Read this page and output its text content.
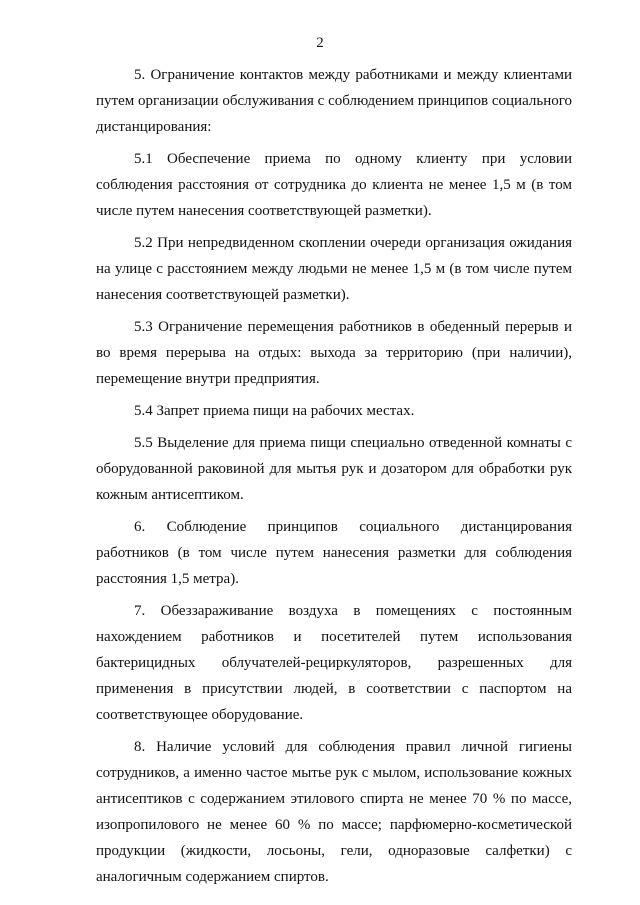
2

5. Ограничение контактов между работниками и между клиентами путем организации обслуживания с соблюдением принципов социального дистанцирования:

5.1 Обеспечение приема по одному клиенту при условии соблюдения расстояния от сотрудника до клиента не менее 1,5 м (в том числе путем нанесения соответствующей разметки).

5.2 При непредвиденном скоплении очереди организация ожидания на улице с расстоянием между людьми не менее 1,5 м (в том числе путем нанесения соответствующей разметки).

5.3 Ограничение перемещения работников в обеденный перерыв и во время перерыва на отдых: выхода за территорию (при наличии), перемещение внутри предприятия.

5.4 Запрет приема пищи на рабочих местах.

5.5 Выделение для приема пищи специально отведенной комнаты с оборудованной раковиной для мытья рук и дозатором для обработки рук кожным антисептиком.

6. Соблюдение принципов социального дистанцирования работников (в том числе путем нанесения разметки для соблюдения расстояния 1,5 метра).

7. Обеззараживание воздуха в помещениях с постоянным нахождением работников и посетителей путем использования бактерицидных облучателей-рециркуляторов, разрешенных для применения в присутствии людей, в соответствии с паспортом на соответствующее оборудование.

8. Наличие условий для соблюдения правил личной гигиены сотрудников, а именно частое мытье рук с мылом, использование кожных антисептиков с содержанием этилового спирта не менее 70 % по массе, изопропилового не менее 60 % по массе; парфюмерно-косметической продукции (жидкости, лосьоны, гели, одноразовые салфетки) с аналогичным содержанием спиртов.
